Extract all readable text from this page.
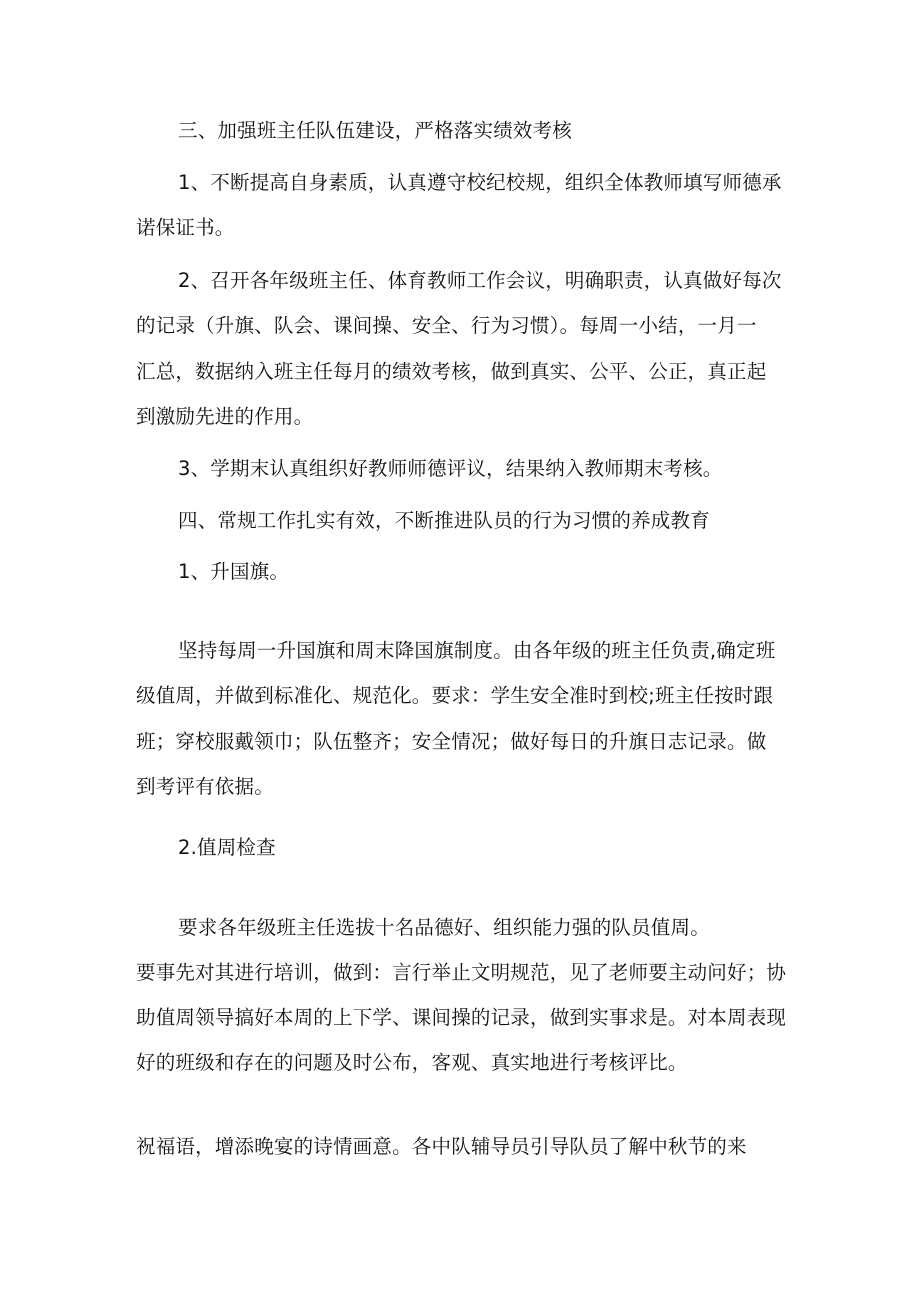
三、加强班主任队伍建设，严格落实绩效考核
1、不断提高自身素质，认真遵守校纪校规，组织全体教师填写师德承
诺保证书。
2、召开各年级班主任、体育教师工作会议，明确职责，认真做好每次
的记录（升旗、队会、课间操、安全、行为习惯）。每周一小结，一月一
汇总，数据纳入班主任每月的绩效考核，做到真实、公平、公正，真正起
到激励先进的作用。
3、学期末认真组织好教师师德评议，结果纳入教师期末考核。
四、常规工作扎实有效，不断推进队员的行为习惯的养成教育
1、升国旗。
坚持每周一升国旗和周末降国旗制度。由各年级的班主任负责,确定班
级值周，并做到标准化、规范化。要求：学生安全准时到校;班主任按时跟
班；穿校服戴领巾；队伍整齐；安全情况；做好每日的升旗日志记录。做
到考评有依据。
2.值周检查
要求各年级班主任选拔十名品德好、组织能力强的队员值周。
要事先对其进行培训，做到：言行举止文明规范，见了老师要主动问好；协
助值周领导搞好本周的上下学、课间操的记录，做到实事求是。对本周表现
好的班级和存在的问题及时公布，客观、真实地进行考核评比。
祝福语，增添晚宴的诗情画意。各中队辅导员引导队员了解中秋节的来
